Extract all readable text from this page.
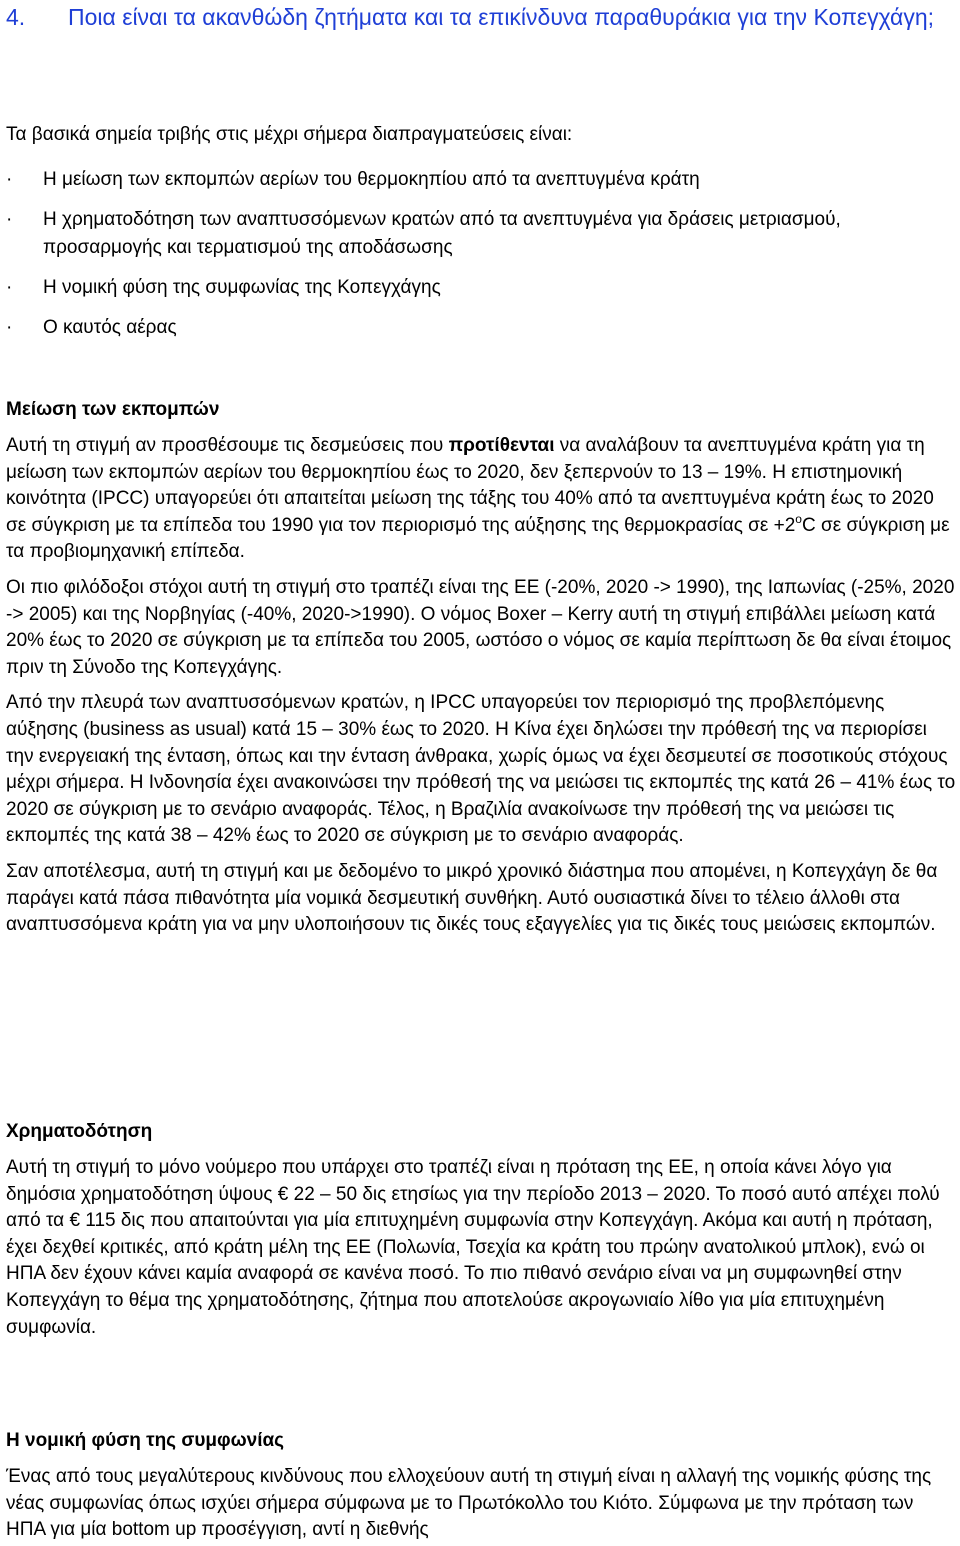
4.	Ποια είναι τα ακανθώδη ζητήματα και τα επικίνδυνα παραθυράκια για την Κοπεγχάγη;
Τα βασικά σημεία τριβής στις μέχρι σήμερα διαπραγματεύσεις είναι:
· Η μείωση των εκπομπών αερίων του θερμοκηπίου από τα ανεπτυγμένα κράτη
· Η χρηματοδότηση των αναπτυσσόμενων κρατών από τα ανεπτυγμένα για δράσεις μετριασμού, προσαρμογής και τερματισμού της αποδάσωσης
· Η νομική φύση της συμφωνίας της Κοπεγχάγης
· Ο καυτός αέρας
Μείωση των εκπομπών

Αυτή τη στιγμή αν προσθέσουμε τις δεσμεύσεις που προτίθενται να αναλάβουν τα ανεπτυγμένα κράτη για τη μείωση των εκπομπών αερίων του θερμοκηπίου έως το 2020, δεν ξεπερνούν το 13 – 19%. Η επιστημονική κοινότητα (IPCC) υπαγορεύει ότι απαιτείται μείωση της τάξης του 40% από τα ανεπτυγμένα κράτη έως το 2020 σε σύγκριση με τα επίπεδα του 1990 για τον περιορισμό της αύξησης της θερμοκρασίας $\sigma\varepsilon +2^oC$ σε σύγκριση με τα προβιομηχανική επίπεδα.

Οι πιο φιλόδοξοι στόχοι αυτή τη στιγμή στο τραπέζι είναι της ΕΕ (-20%, 2020 -> 1990), της Ιαπωνίας (-25%, 2020 -> 2005) και της Νορβηγίας (-40%, 2020->1990). Ο νόμος Boxer – Kerry αυτή τη στιγμή επιβάλλει μείωση κατά 20% έως το 2020 σε σύγκριση με τα επίπεδα του 2005, ωστόσο ο νόμος σε καμία περίπτωση δε θα είναι έτοιμος πριν τη Σύνοδο της Κοπεγχάγης.

Από την πλευρά των αναπτυσσόμενων κρατών, η IPCC υπαγορεύει τον περιορισμό της προβλεπόμενης αύξησης (business as usual) κατά 15 – 30% έως το 2020. Η Κίνα έχει δηλώσει την πρόθεσή της να περιορίσει την ενεργειακή της ένταση, όπως και την ένταση άνθρακα, χωρίς όμως να έχει δεσμευτεί σε ποσοτικούς στόχους μέχρι σήμερα. Η Ινδονησία έχει ανακοινώσει την πρόθεσή της να μειώσει τις εκπομπές της κατά 26 – 41% έως το 2020 σε σύγκριση με το σενάριο αναφοράς. Τέλος, η Βραζιλία ανακοίνωσε την πρόθεσή της να μειώσει τις εκπομπές της κατά 38 – 42% έως το 2020 σε σύγκριση με το σενάριο αναφοράς.

Σαν αποτέλεσμα, αυτή τη στιγμή και με δεδομένο το μικρό χρονικό διάστημα που απομένει, η Κοπεγχάγη δε θα παράγει κατά πάσα πιθανότητα μία νομικά δεσμευτική συνθήκη. Αυτό ουσιαστικά δίνει το τέλειο άλλοθι στα αναπτυσσόμενα κράτη για να μην υλοποιήσουν τις δικές τους εξαγγελίες για τις δικές τους μειώσεις εκπομπών.

Χρηματοδότηση

Αυτή τη στιγμή το μόνο νούμερο που υπάρχει στο τραπέζι είναι η πρόταση της ΕΕ, η οποία κάνει λόγο για δημόσια χρηματοδότηση ύψους € 22 – 50 δις ετησίως για την περίοδο 2013 – 2020. Το ποσό αυτό απέχει πολύ από τα € 115 δις που απαιτούνται για μία επιτυχημένη συμφωνία στην Κοπεγχάγη. Ακόμα και αυτή η πρόταση, έχει δεχθεί κριτικές, από κράτη μέλη της ΕΕ (Πολωνία, Τσεχία κα κράτη του πρώην ανατολικού μπλοκ), ενώ οι ΗΠΑ δεν έχουν κάνει καμία αναφορά σε κανένα ποσό. Το πιο πιθανό σενάριο είναι να μη συμφωνηθεί στην Κοπεγχάγη το θέμα της χρηματοδότησης, ζήτημα που αποτελούσε ακρογωνιαίο λίθο για μία επιτυχημένη συμφωνία.

Η νομική φύση της συμφωνίας

Ένας από τους μεγαλύτερους κινδύνους που ελλοχεύουν αυτή τη στιγμή είναι η αλλαγή της νομικής φύσης της νέας συμφωνίας όπως ισχύει σήμερα σύμφωνα με το Πρωτόκολλο του Κιότο. Σύμφωνα με την πρόταση των ΗΠΑ για μία bottom up προσέγγιση, αντί η διεθνής
